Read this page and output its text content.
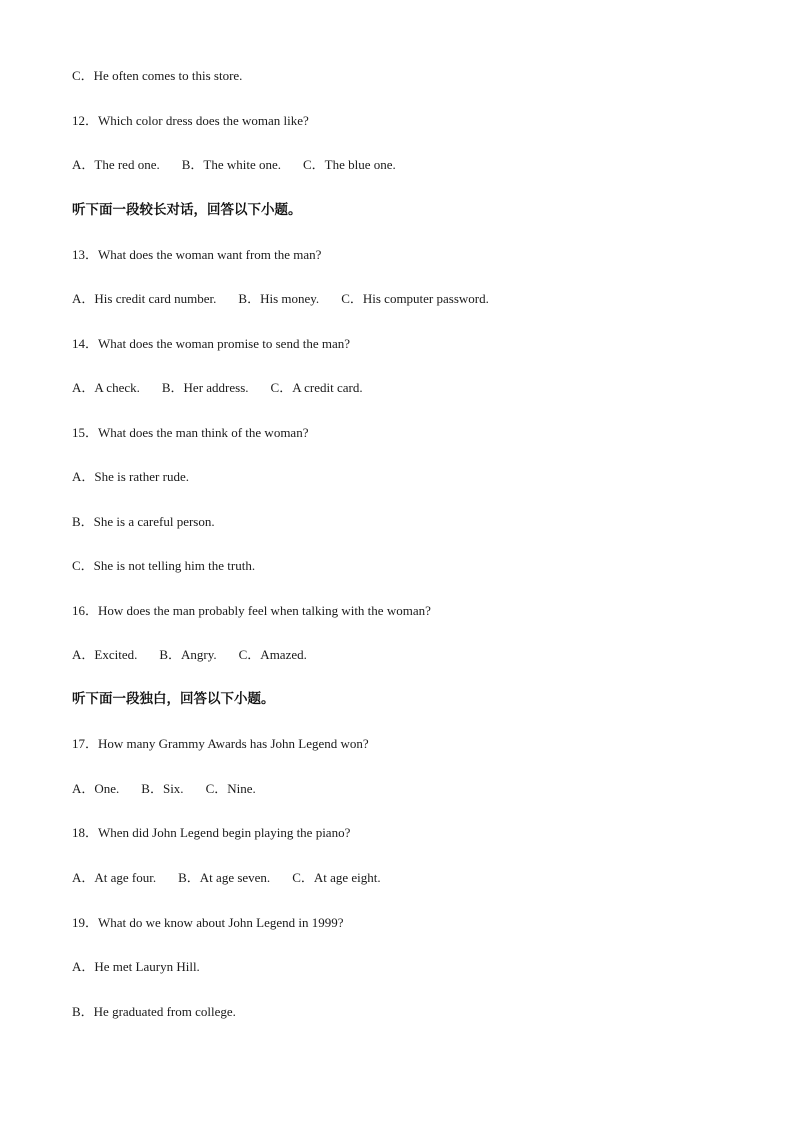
C．He often comes to this store.
12．Which color dress does the woman like?
A．The red one. B．The white one. C．The blue one.
听下面一段较长对话，回答以下小题。
13．What does the woman want from the man?
A．His credit card number. B．His money. C．His computer password.
14．What does the woman promise to send the man?
A．A check. B．Her address. C．A credit card.
15．What does the man think of the woman?
A．She is rather rude.
B．She is a careful person.
C．She is not telling him the truth.
16．How does the man probably feel when talking with the woman?
A．Excited. B．Angry. C．Amazed.
听下面一段独白，回答以下小题。
17．How many Grammy Awards has John Legend won?
A．One. B．Six. C．Nine.
18．When did John Legend begin playing the piano?
A．At age four. B．At age seven. C．At age eight.
19．What do we know about John Legend in 1999?
A．He met Lauryn Hill.
B．He graduated from college.
